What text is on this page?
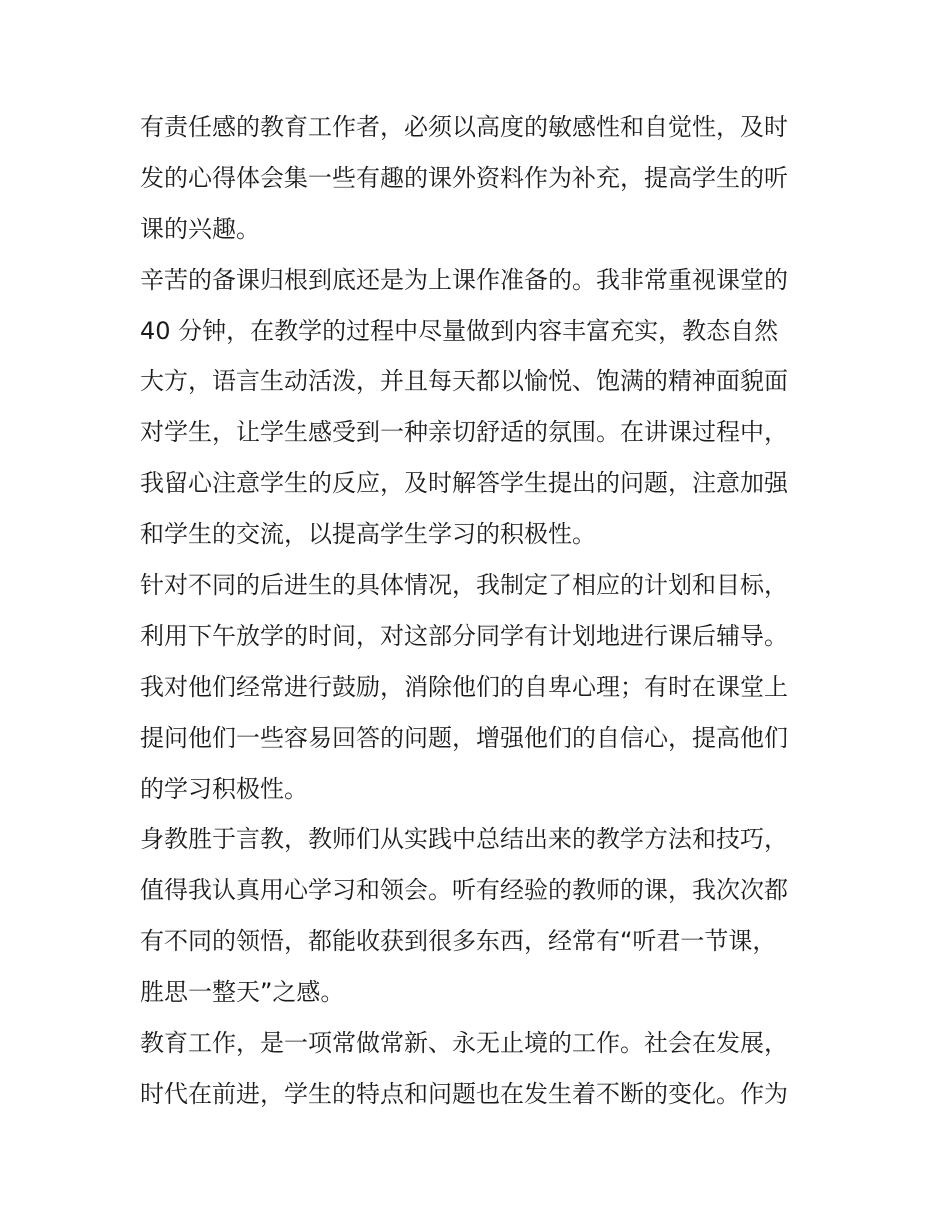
有责任感的教育工作者，必须以高度的敏感性和自觉性，及时
发的心得体会集一些有趣的课外资料作为补充，提高学生的听
课的兴趣。
辛苦的备课归根到底还是为上课作准备的。我非常重视课堂的
40 分钟，在教学的过程中尽量做到内容丰富充实，教态自然
大方，语言生动活泼，并且每天都以愉悦、饱满的精神面貌面
对学生，让学生感受到一种亲切舒适的氛围。在讲课过程中，
我留心注意学生的反应，及时解答学生提出的问题，注意加强
和学生的交流，以提高学生学习的积极性。
针对不同的后进生的具体情况，我制定了相应的计划和目标，
利用下午放学的时间，对这部分同学有计划地进行课后辅导。
我对他们经常进行鼓励，消除他们的自卑心理；有时在课堂上
提问他们一些容易回答的问题，增强他们的自信心，提高他们
的学习积极性。
身教胜于言教，教师们从实践中总结出来的教学方法和技巧，
值得我认真用心学习和领会。听有经验的教师的课，我次次都
有不同的领悟，都能收获到很多东西，经常有“听君一节课，
胜思一整天”之感。
教育工作，是一项常做常新、永无止境的工作。社会在发展，
时代在前进，学生的特点和问题也在发生着不断的变化。作为
